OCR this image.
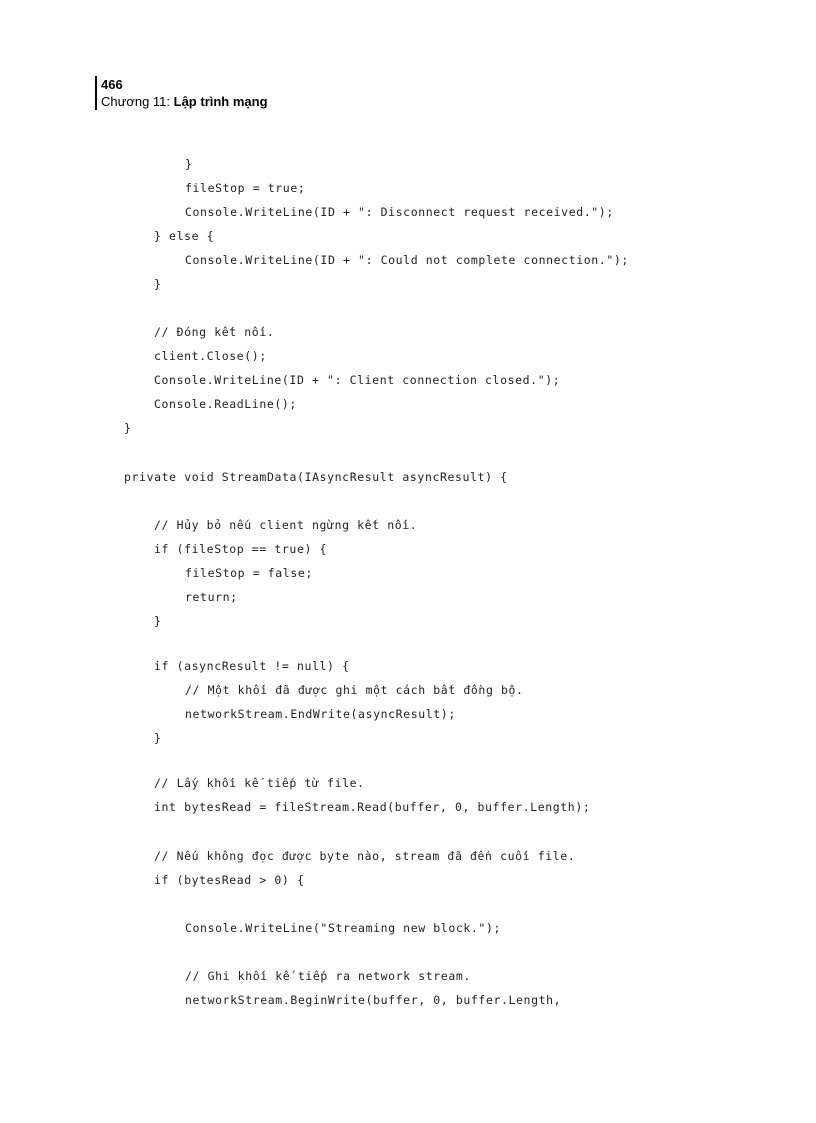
466
Chương 11: Lập trình mạng
}
fileStop = true;
Console.WriteLine(ID + ": Disconnect request received.");
} else {
Console.WriteLine(ID + ": Could not complete connection.");
}
// Đóng kết nối.
client.Close();
Console.WriteLine(ID + ": Client connection closed.");
Console.ReadLine();
}
private void StreamData(IAsyncResult asyncResult) {
// Hủy bỏ nếu client ngừng kết nối.
if (fileStop == true) {
fileStop = false;
return;
}
if (asyncResult != null) {
// Một khối đã được ghi một cách bất đồng bộ.
networkStream.EndWrite(asyncResult);
}
// Lấy khối kế tiếp từ file.
int bytesRead = fileStream.Read(buffer, 0, buffer.Length);
// Nếu không đọc được byte nào, stream đã đến cuối file.
if (bytesRead > 0) {
Console.WriteLine("Streaming new block.");
// Ghi khối kế tiếp ra network stream.
networkStream.BeginWrite(buffer, 0, buffer.Length,
